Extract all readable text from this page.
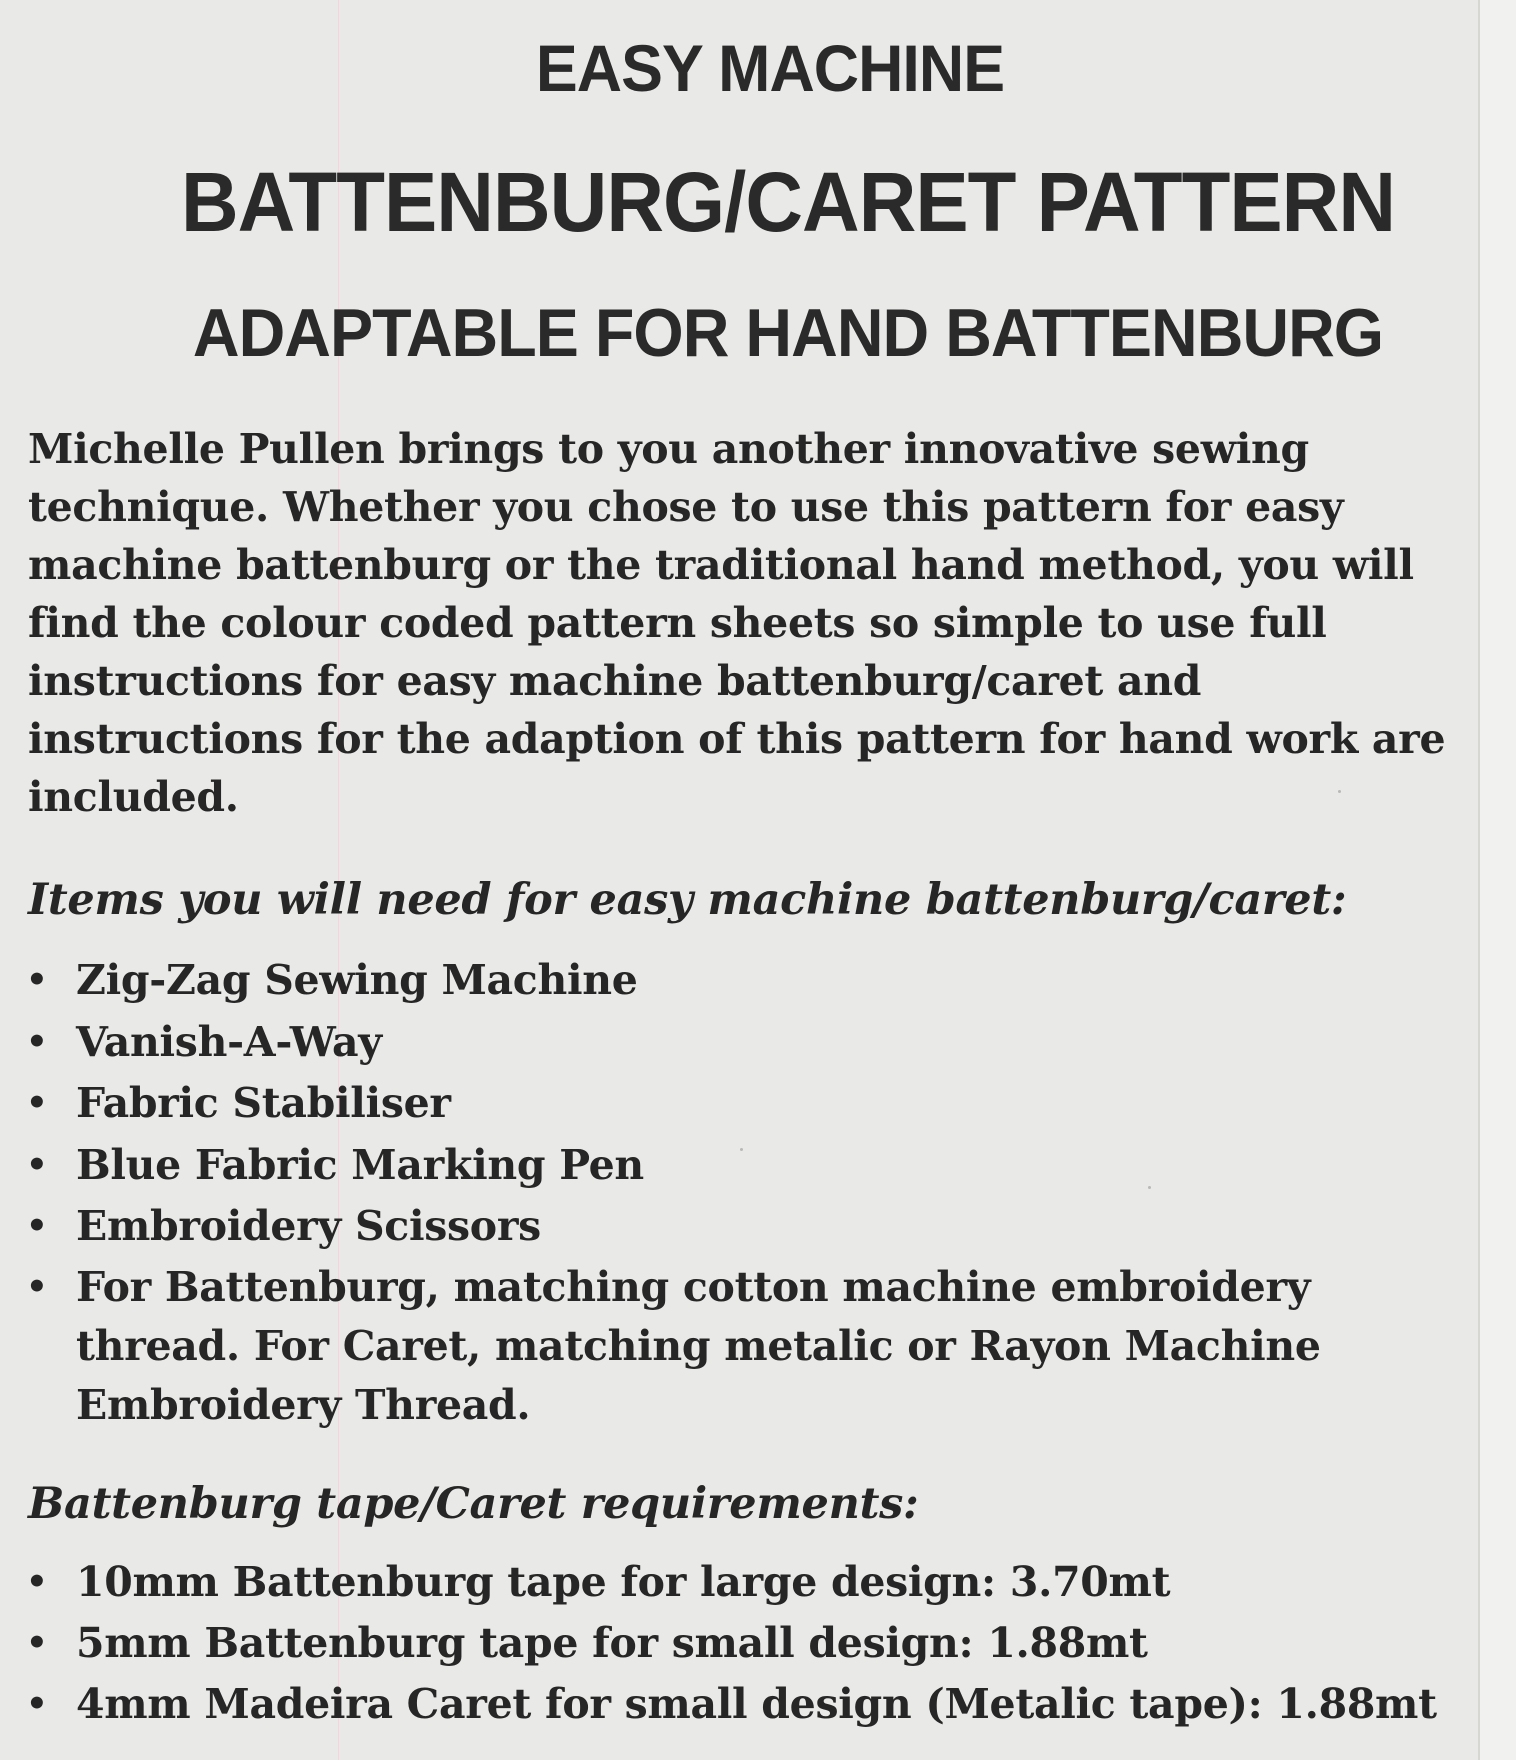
EASY MACHINE
BATTENBURG/CARET PATTERN
ADAPTABLE FOR HAND BATTENBURG

Michelle Pullen brings to you another innovative sewing technique. Whether you chose to use this pattern for easy machine battenburg or the traditional hand method, you will find the colour coded pattern sheets so simple to use full instructions for easy machine battenburg/caret and instructions for the adaption of this pattern for hand work are included.

Items you will need for easy machine battenburg/caret:

• Zig-Zag Sewing Machine
• Vanish-A-Way
• Fabric Stabiliser
• Blue Fabric Marking Pen
• Embroidery Scissors
• For Battenburg, matching cotton machine embroidery thread. For Caret, matching metalic or Rayon Machine Embroidery Thread.

Battenburg tape/Caret requirements:

• 10mm Battenburg tape for large design: 3.70mt
• 5mm Battenburg tape for small design: 1.88mt
• 4mm Madeira Caret for small design (Metalic tape): 1.88mt
